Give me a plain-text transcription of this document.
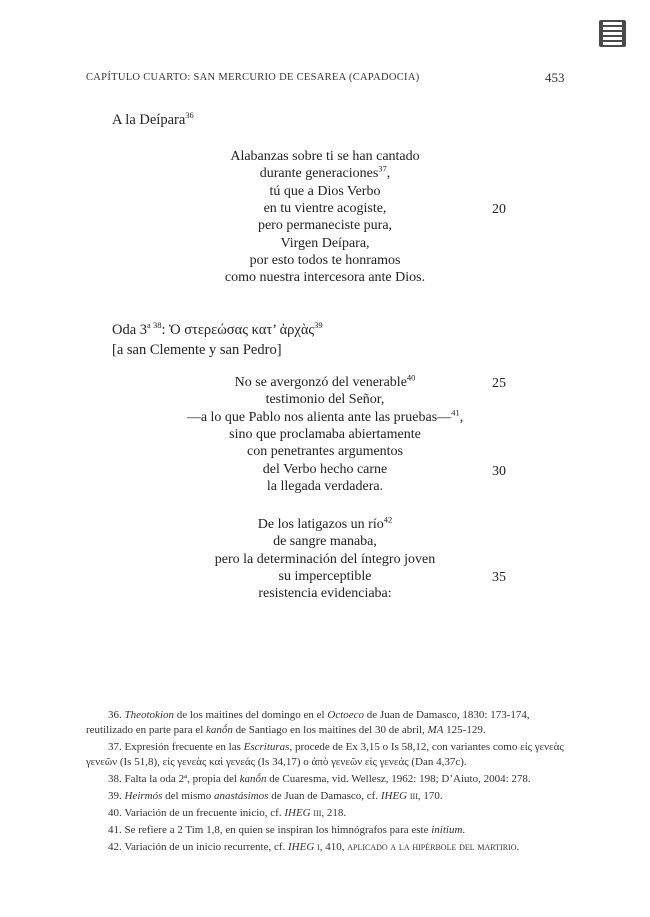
CAPÍTULO CUARTO: SAN MERCURIO DE CESAREA (CAPADOCIA)	453
A la Deípara$^{36}$
Alabanzas sobre ti se han cantado
durante generaciones$^{37}$,
tú que a Dios Verbo
en tu vientre acogiste,
pero permaneciste pura,
Virgen Deípara,
por esto todos te honramos
como nuestra intercesora ante Dios.
20
Oda $3^{a 38}$: Ὁ στερεώσας κατ’ ἀρχὰς$^{39}$
[a san Clemente y san Pedro]
No se avergonzó del venerable$^{40}$
testimonio del Señor,
—a lo que Pablo nos alienta ante las pruebas—$^{41}$,
sino que proclamaba abiertamente
con penetrantes argumentos
del Verbo hecho carne
la llegada verdadera.
De los latigazos un río$^{42}$
de sangre manaba,
pero la determinación del íntegro joven
su imperceptible
resistencia evidenciaba:
25
30
35
36. Theotokion de los maitines del domingo en el Octoeco de Juan de Damasco, 1830: 173-174, reutilizado en parte para el kanṓn de Santiago en los maitines del 30 de abril, MA 125-129.
37. Expresión frecuente en las Escrituras, procede de Ex 3,15 o Is 58,12, con variantes como εἰς γενεὰς γενεῶν (Is 51,8), εἰς γενεὰς καὶ γενεάς (Is 34,17) o ἀπὸ γενεῶν εἰς γενεάς (Dan 4,37c).
38. Falta la oda 2ª, propia del kanṓn de Cuaresma, vid. Wellesz, 1962: 198; D’Aiuto, 2004: 278.
39. Heirmós del mismo anastásimos de Juan de Damasco, cf. IHEG iii, 170.
40. Variación de un frecuente inicio, cf. IHEG iii, 218.
41. Se refiere a 2 Tim 1,8, en quien se inspiran los himnógrafos para este initium.
42. Variación de un inicio recurrente, cf. IHEG i, 410, aplicado a la hipérbole del martirio.
